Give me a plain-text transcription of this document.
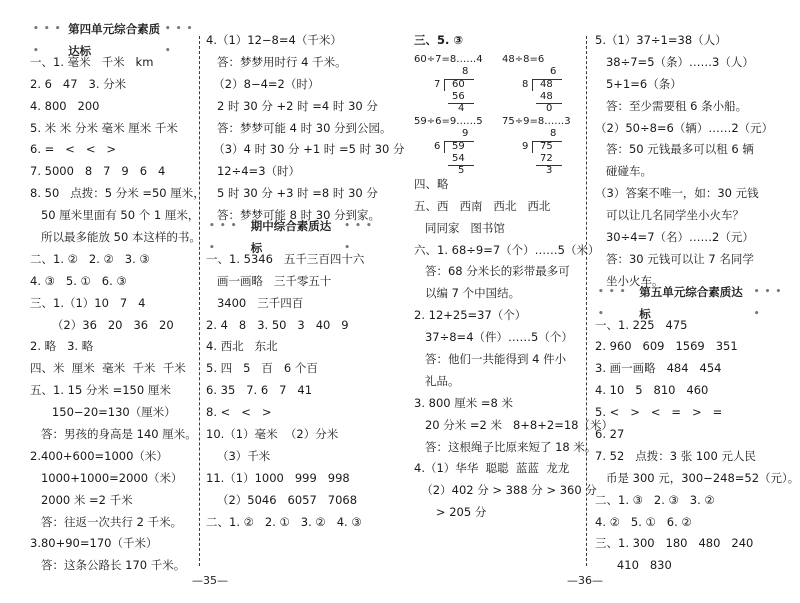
• • • •
第四单元综合素质达标
• • • •
一、1. 毫米   千米   km
2. 6   47   3. 分米
4. 800   200
5. 米 米 分米 毫米 厘米 千米
6. =   <   <   >
7. 5000   8   7   9   6   4
8. 50   点拨：5 分米 =50 厘米，
50 厘米里面有 50 个 1 厘米，
所以最多能放 50 本这样的书。
二、1. ②   2. ②   3. ③
4. ③   5. ①   6. ③
三、1.（1）10   7   4
（2）36   20   36   20
2. 略   3. 略
四、米  厘米  毫米  千米  千米
五、1. 15 分米 =150 厘米
150−20=130（厘米）
答：男孩的身高是 140 厘米。
2.400+600=1000（米）
1000+1000=2000（米）
2000 米 =2 千米
答：往返一次共行 2 千米。
3.80+90=170（千米）
答：这条公路长 170 千米。
4.（1）12−8=4（千米）
答：梦梦用时行 4 千米。
（2）8−4=2（时）
2 时 30 分 +2 时 =4 时 30 分
答：梦梦可能 4 时 30 分到公园。
（3）4 时 30 分 +1 时 =5 时 30 分
12÷4=3（时）
5 时 30 分 +3 时 =8 时 30 分
答：梦梦可能 8 时 30 分到家。
• • • •
期中综合素质达标
• • • •
一、1. 5346   五千三百四十六
画一画略   三千零五十
3400   三千四百
2. 4   8   3. 50   3   40   9
4. 西北   东北
5. 四   5   百   6 个百
6. 35   7. 6   7   41
8. <   <   >
10.（1）毫米  （2）分米
（3）千米
11.（1）1000   999   998
（2）5046   6057   7068
二、1. ②   2. ①   3. ②   4. ③
—35—
三、5. ③
60÷7=8……4
8
7 60
56
4
48÷8=6
6
8 48
48
0
59÷6=9……5
9
6 59
54
5
75÷9=8……3
8
9 75
72
3
四、略
五、西   西南   西北   西北
同同家   图书馆
六、1. 68÷9=7（个）……5（米）
答：68 分米长的彩带最多可
以编 7 个中国结。
2. 12+25=37（个）
37÷8=4（件）……5（个）
答：他们一共能得到 4 件小
礼品。
3. 800 厘米 =8 米
20 分米 =2 米   8+8+2=18（米）
答：这根绳子比原来短了 18 米。
4.（1）华华  聪聪  蓝蓝  龙龙
（2）402 分 > 388 分 > 360 分
> 205 分
5.（1）37÷1=38（人）
38÷7=5（条）……3（人）
5+1=6（条）
答：至少需要租 6 条小船。
（2）50÷8=6（辆）……2（元）
答：50 元钱最多可以租 6 辆
碰碰车。
（3）答案不唯一，如：30 元钱
可以让几名同学坐小火车？
30÷4=7（名）……2（元）
答：30 元钱可以让 7 名同学
坐小火车。
• • • •
第五单元综合素质达标
• • • •
一、1. 225   475
2. 960   609   1569   351
3. 画一画略   484   454
4. 10   5   810   460
5. <   >   <   =   >   =
6. 27
7. 52   点拨：3 张 100 元人民
币是 300 元，300−248=52（元）。
二、1. ③   2. ③   3. ②
4. ②   5. ①   6. ②
三、1. 300   180   480   240
410   830
—36—
